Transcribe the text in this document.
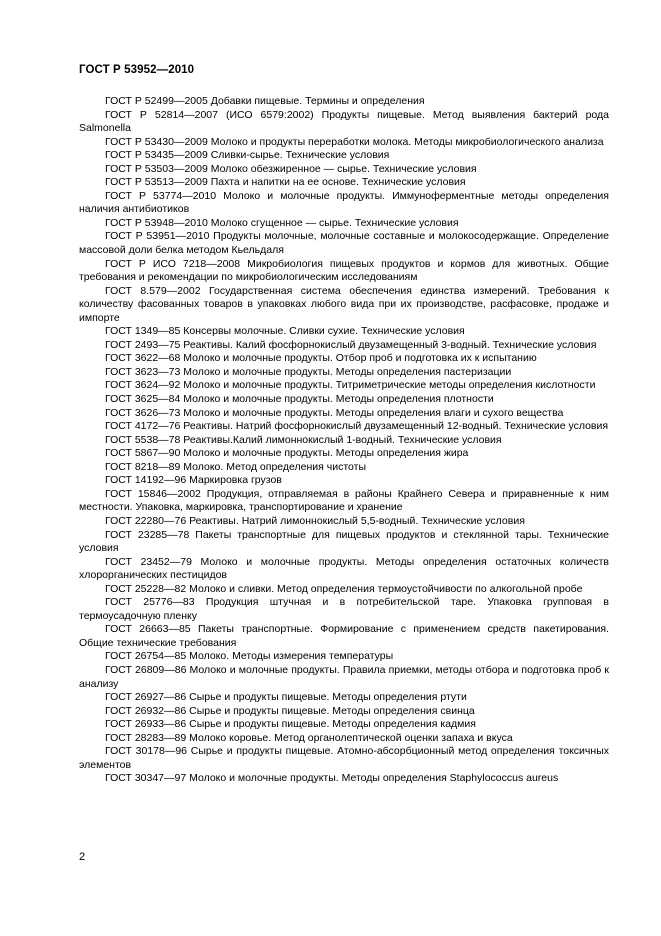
ГОСТ Р 53952—2010

ГОСТ Р 52499—2005 Добавки пищевые. Термины и определения

ГОСТ Р 52814—2007 (ИСО 6579:2002) Продукты пищевые. Метод выявления бактерий рода Salmonella

ГОСТ Р 53430—2009 Молоко и продукты переработки молока. Методы микробиологического анализа

ГОСТ Р 53435—2009 Сливки-сырье. Технические условия

ГОСТ Р 53503—2009 Молоко обезжиренное — сырье. Технические условия

ГОСТ Р 53513—2009 Пахта и напитки на ее основе. Технические условия

ГОСТ Р 53774—2010 Молоко и молочные продукты. Иммуноферментные методы определения наличия антибиотиков

ГОСТ Р 53948—2010 Молоко сгущенное — сырье. Технические условия

ГОСТ Р 53951—2010 Продукты молочные, молочные составные и молокосодержащие. Определение массовой доли белка методом Кьельдаля

ГОСТ Р ИСО 7218—2008 Микробиология пищевых продуктов и кормов для животных. Общие требования и рекомендации по микробиологическим исследованиям

ГОСТ 8.579—2002 Государственная система обеспечения единства измерений. Требования к количеству фасованных товаров в упаковках любого вида при их производстве, расфасовке, продаже и импорте

ГОСТ 1349—85 Консервы молочные. Сливки сухие. Технические условия

ГОСТ 2493—75 Реактивы. Калий фосфорнокислый двузамещенный 3-водный. Технические условия

ГОСТ 3622—68 Молоко и молочные продукты. Отбор проб и подготовка их к испытанию

ГОСТ 3623—73 Молоко и молочные продукты. Методы определения пастеризации

ГОСТ 3624—92 Молоко и молочные продукты. Титриметрические методы определения кислотности

ГОСТ 3625—84 Молоко и молочные продукты. Методы определения плотности

ГОСТ 3626—73 Молоко и молочные продукты. Методы определения влаги и сухого вещества

ГОСТ 4172—76 Реактивы. Натрий фосфорнокислый двузамещенный 12-водный. Технические условия

ГОСТ 5538—78 Реактивы.Калий лимоннокислый 1-водный. Технические условия

ГОСТ 5867—90 Молоко и молочные продукты. Методы определения жира

ГОСТ 8218—89 Молоко. Метод определения чистоты

ГОСТ 14192—96 Маркировка грузов

ГОСТ 15846—2002 Продукция, отправляемая в районы Крайнего Севера и приравненные к ним местности. Упаковка, маркировка, транспортирование и хранение

ГОСТ 22280—76 Реактивы. Натрий лимоннокислый 5,5-водный. Технические условия

ГОСТ 23285—78 Пакеты транспортные для пищевых продуктов и стеклянной тары. Технические условия

ГОСТ 23452—79 Молоко и молочные продукты. Методы определения остаточных количеств хлорорганических пестицидов

ГОСТ 25228—82 Молоко и сливки. Метод определения термоустойчивости по алкогольной пробе

ГОСТ 25776—83 Продукция штучная и в потребительской таре. Упаковка групповая в термоусадочную пленку

ГОСТ 26663—85 Пакеты транспортные. Формирование с применением средств пакетирования. Общие технические требования

ГОСТ 26754—85 Молоко. Методы измерения температуры

ГОСТ 26809—86 Молоко и молочные продукты. Правила приемки, методы отбора и подготовка проб к анализу

ГОСТ 26927—86 Сырье и продукты пищевые. Методы определения ртути

ГОСТ 26932—86 Сырье и продукты пищевые. Методы определения свинца

ГОСТ 26933—86 Сырье и продукты пищевые. Методы определения кадмия

ГОСТ 28283—89 Молоко коровье. Метод органолептической оценки запаха и вкуса

ГОСТ 30178—96 Сырье и продукты пищевые. Атомно-абсорбционный метод определения токсичных элементов

ГОСТ 30347—97 Молоко и молочные продукты. Методы определения Staphylococcus aureus

2
